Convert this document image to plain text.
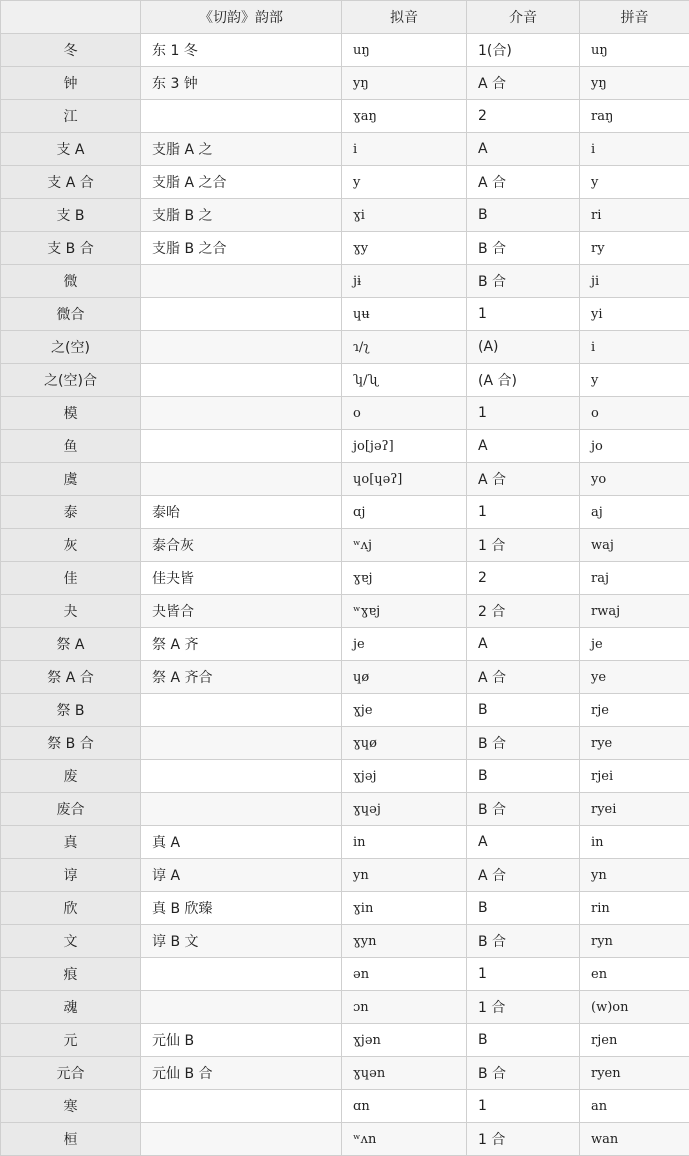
	《切韵》韵部	拟音	介音	拼音
冬	东 1 冬	uŋ	1(合)	uŋ
钟	东 3 钟	yŋ	A 合	yŋ
江		ɣaŋ	2	raŋ
支 A	支脂 A 之	i	A	i
支 A 合	支脂 A 之合	y	A 合	y
支 B	支脂 B 之	ɣi	B	ri
支 B 合	支脂 B 之合	ɣy	B 合	ry
微		jɨ	B 合	ji
微合		ɥʉ	1	yi
之(空)		ɿ/ʅ	(A)	i
之(空)合		ʮ/ʯ	(A 合)	y
模		o	1	o
鱼		jo[jəʔ]	A	jo
虞		ɥo[ɥəʔ]	A 合	yo
泰	泰咍	ɑj	1	aj
灰	泰合灰	ʷʌj	1 合	waj
佳	佳夬皆	ɣɐj	2	raj
夬	夬皆合	ʷɣɐj	2 合	rwaj
祭 A	祭 A 齐	je	A	je
祭 A 合	祭 A 齐合	ɥø	A 合	ye
祭 B		ɣje	B	rje
祭 B 合		ɣɥø	B 合	rye
废		ɣjəj	B	rjei
废合		ɣɥəj	B 合	ryei
真	真 A	in	A	in
谆	谆 A	yn	A 合	yn
欣	真 B 欣臻	ɣin	B	rin
文	谆 B 文	ɣyn	B 合	ryn
痕		ən	1	en
魂		ɔn	1 合	(w)on
元	元仙 B	ɣjən	B	rjen
元合	元仙 B 合	ɣɥən	B 合	ryen
寒		ɑn	1	an
桓		ʷʌn	1 合	wan
